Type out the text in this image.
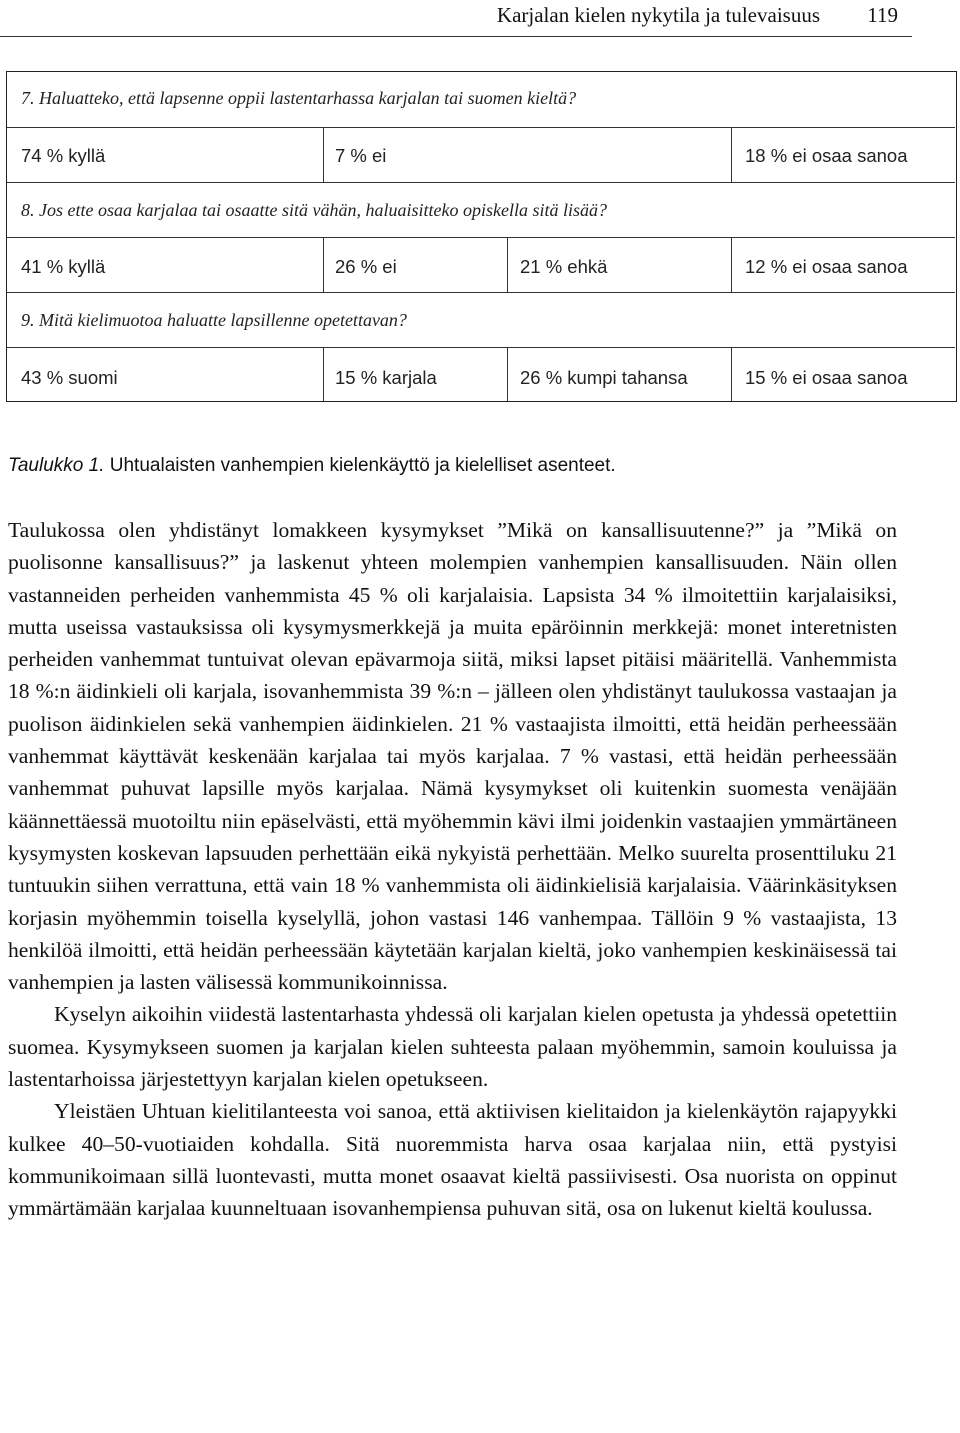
Karjalan kielen nykytila ja tulevaisuus 119
7. Haluatteko, että lapsenne oppii lastentarhassa karjalan tai suomen kieltä?
74 % kyllä	7 % ei	18 % ei osaa sanoa
8. Jos ette osaa karjalaa tai osaatte sitä vähän, haluaisitteko opiskella sitä lisää?
41 % kyllä	26 % ei	21 % ehkä	12 % ei osaa sanoa
9. Mitä kielimuotoa haluatte lapsillenne opetettavan?
43 % suomi	15 % karjala	26 % kumpi tahansa	15 % ei osaa sanoa
Taulukko 1. Uhtualaisten vanhempien kielenkäyttö ja kielelliset asenteet.

Taulukossa olen yhdistänyt lomakkeen kysymykset ”Mikä on kansallisuutenne?” ja ”Mikä on puolisonne kansallisuus?” ja laskenut yhteen molempien vanhempien kansallisuuden. Näin ollen vastanneiden perheiden vanhemmista 45 % oli karjalaisia. Lapsista 34 % ilmoitettiin karjalaisiksi, mutta useissa vastauksissa oli kysymysmerkkejä ja muita epäröinnin merkkejä: monet interetnisten perheiden vanhemmat tuntuivat olevan epävarmoja siitä, miksi lapset pitäisi määritellä. Vanhemmista 18 %:n äidinkieli oli karjala, isovanhemmista 39 %:n – jälleen olen yhdistänyt taulukossa vastaajan ja puolison äidinkielen sekä vanhempien äidinkielen. 21 % vastaajista ilmoitti, että heidän perheessään vanhemmat käyttävät keskenään karjalaa tai myös karjalaa. 7 % vastasi, että heidän perheessään vanhemmat puhuvat lapsille myös karjalaa. Nämä kysymykset oli kuitenkin suomesta venäjään käännettäessä muotoiltu niin epäselvästi, että myöhemmin kävi ilmi joidenkin vastaajien ymmärtäneen kysymysten koskevan lapsuuden perhettään eikä nykyistä perhettään. Melko suurelta prosenttiluku 21 tuntuukin siihen verrattuna, että vain 18 % vanhemmista oli äidinkielisiä karjalaisia. Väärinkäsityksen korjasin myöhemmin toisella kyselyllä, johon vastasi 146 vanhempaa. Tällöin 9 % vastaajista, 13 henkilöä ilmoitti, että heidän perheessään käytetään karjalan kieltä, joko vanhempien keskinäisessä tai vanhempien ja lasten välisessä kommunikoinnissa.

Kyselyn aikoihin viidestä lastentarhasta yhdessä oli karjalan kielen opetusta ja yhdessä opetettiin suomea. Kysymykseen suomen ja karjalan kielen suhteesta palaan myöhemmin, samoin kouluissa ja lastentarhoissa järjestettyyn karjalan kielen opetukseen.

Yleistäen Uhtuan kielitilanteesta voi sanoa, että aktiivisen kielitaidon ja kielenkäytön rajapyykki kulkee 40–50-vuotiaiden kohdalla. Sitä nuoremmista harva osaa karjalaa niin, että pystyisi kommunikoimaan sillä luontevasti, mutta monet osaavat kieltä passiivisesti. Osa nuorista on oppinut ymmärtämään karjalaa kuunneltuaan isovanhempiensa puhuvan sitä, osa on lukenut kieltä koulussa.
